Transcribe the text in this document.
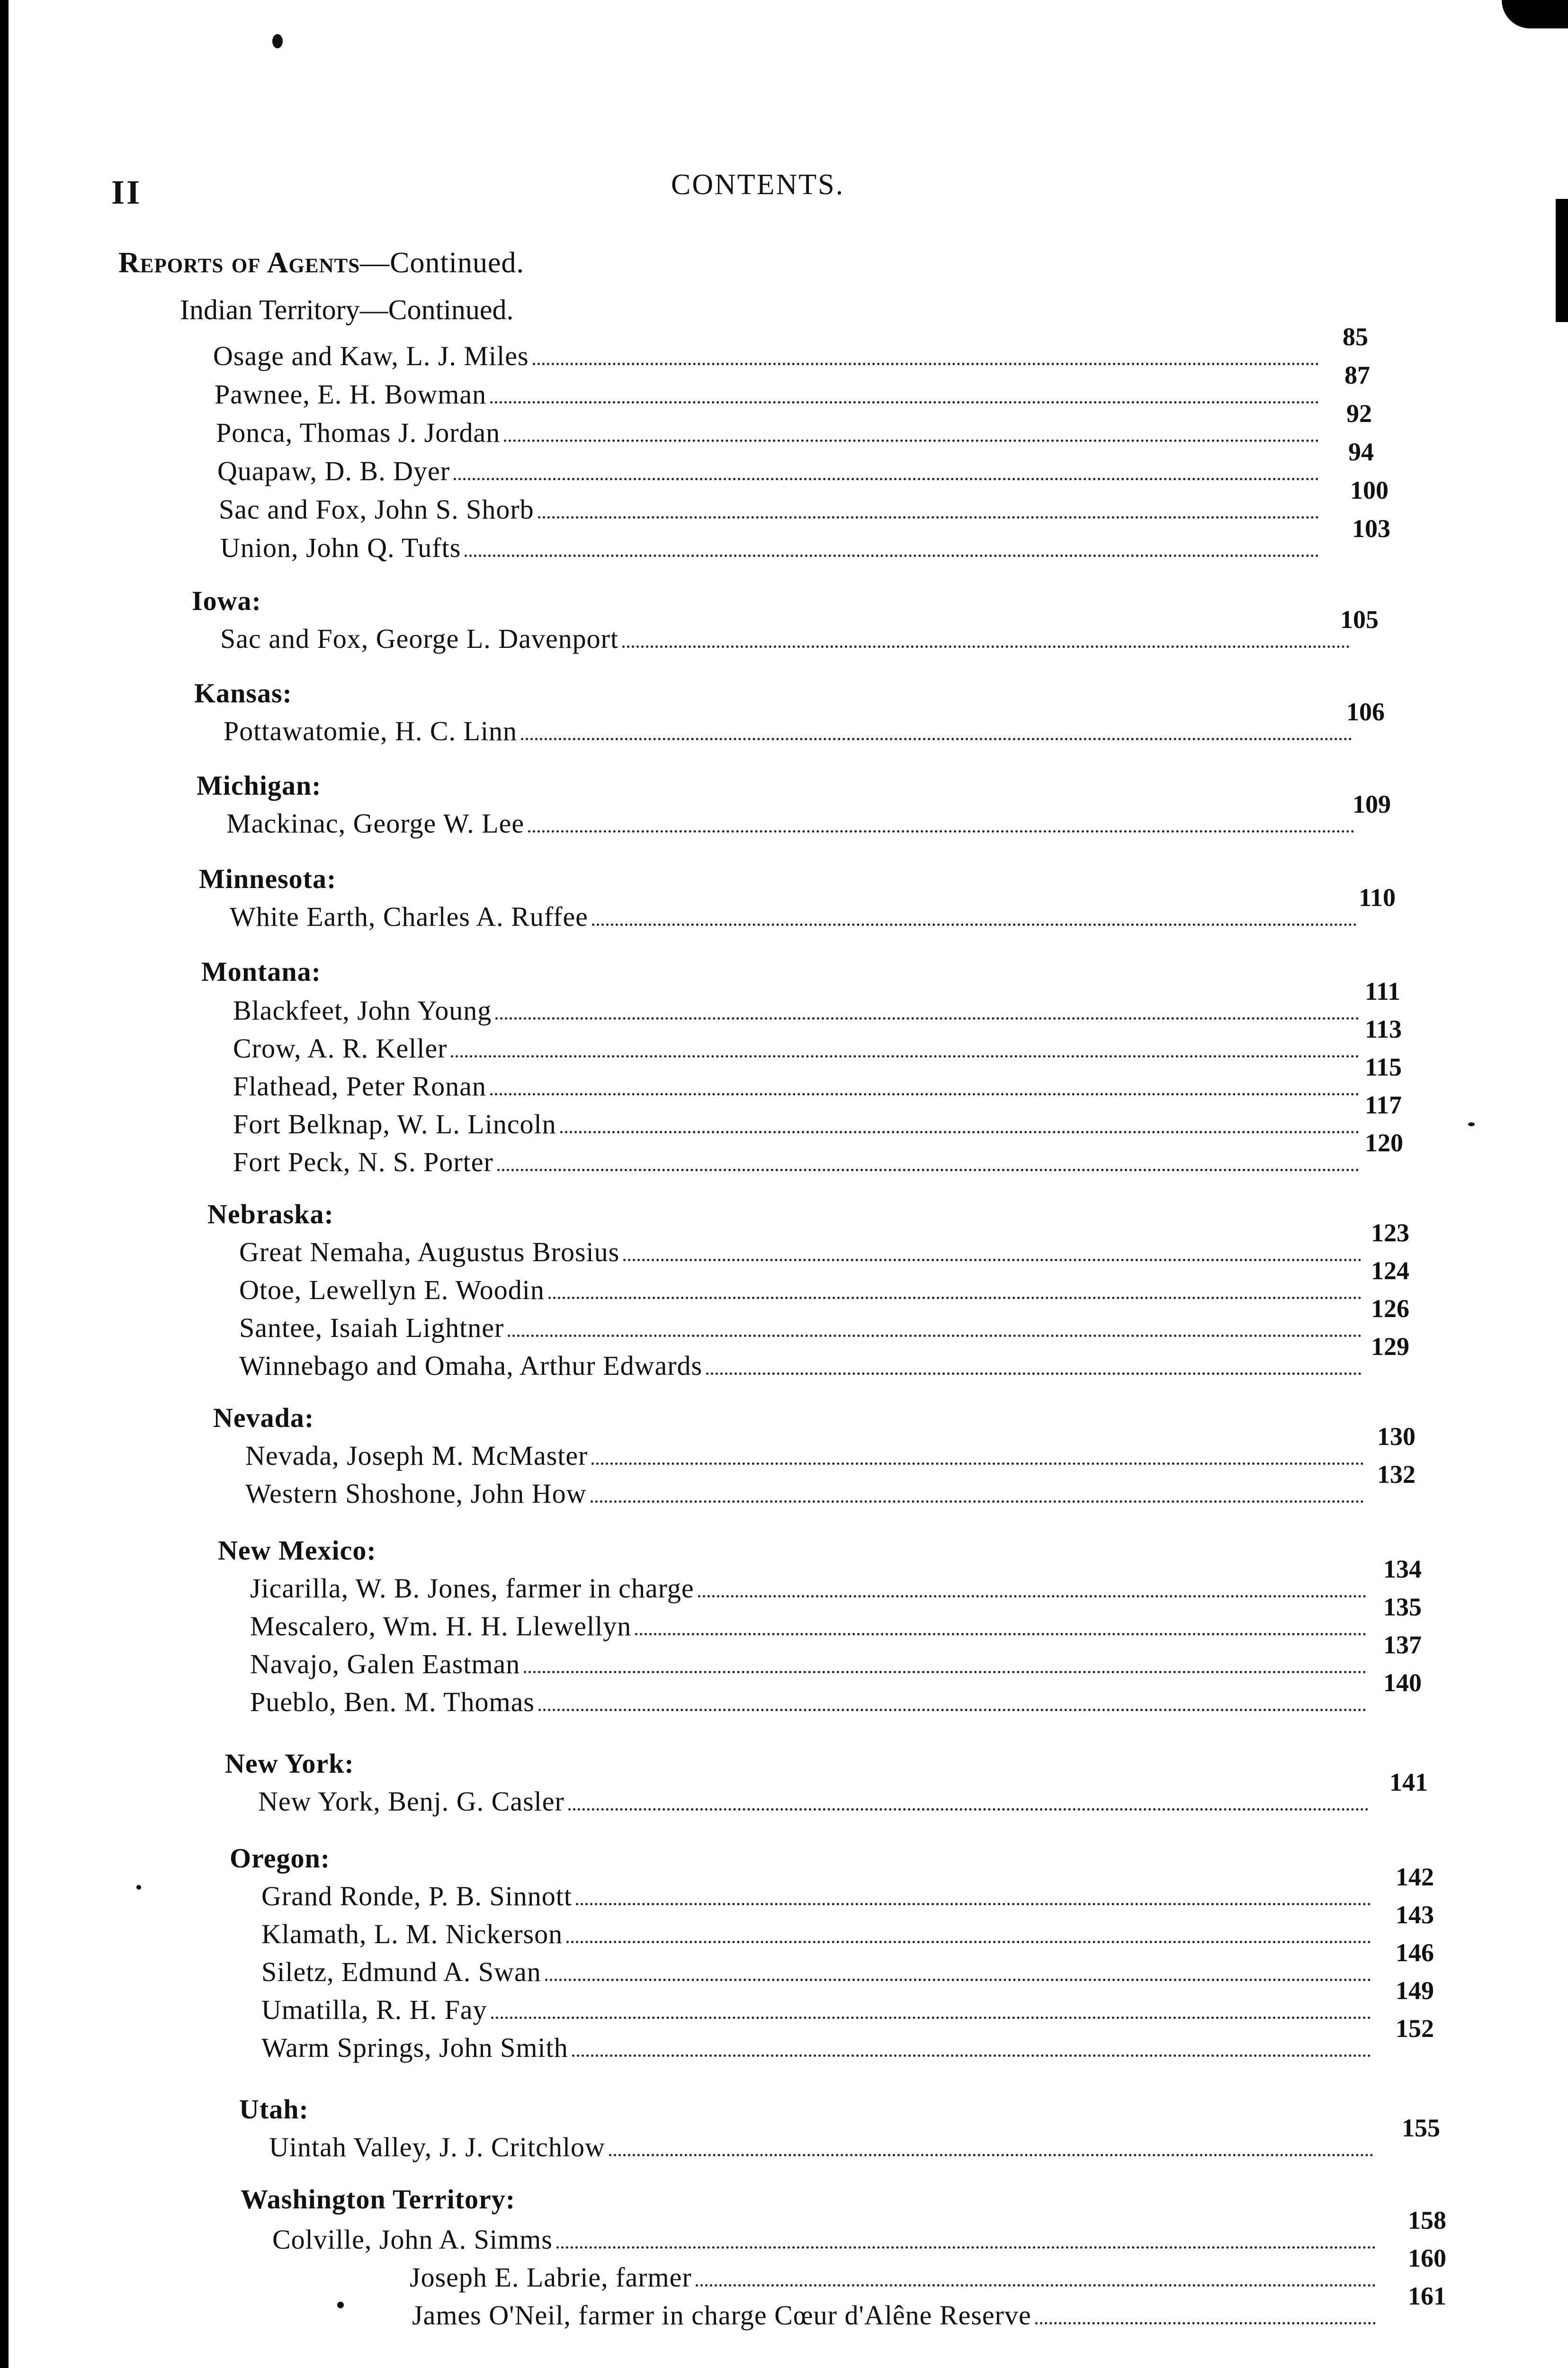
II	CONTENTS.
Reports of Agents—Continued.
Indian Territory—Continued.
Osage and Kaw, L. J. Miles
85
Pawnee, E. H. Bowman
87
Ponca, Thomas J. Jordan
92
Quapaw, D. B. Dyer
94
Sac and Fox, John S. Shorb
100
Union, John Q. Tufts
103
Iowa:
Sac and Fox, George L. Davenport
105
Kansas:
Pottawatomie, H. C. Linn
106
Michigan:
Mackinac, George W. Lee
109
Minnesota:
White Earth, Charles A. Ruffee
110
Montana:
Blackfeet, John Young
111
Crow, A. R. Keller
113
Flathead, Peter Ronan
115
Fort Belknap, W. L. Lincoln
117
Fort Peck, N. S. Porter
120
Nebraska:
Great Nemaha, Augustus Brosius
123
Otoe, Lewellyn E. Woodin
124
Santee, Isaiah Lightner
126
Winnebago and Omaha, Arthur Edwards
129
Nevada:
Nevada, Joseph M. McMaster
130
Western Shoshone, John How
132
New Mexico:
Jicarilla, W. B. Jones, farmer in charge
134
Mescalero, Wm. H. H. Llewellyn
135
Navajo, Galen Eastman
137
Pueblo, Ben. M. Thomas
140
New York:
New York, Benj. G. Casler
141
Oregon:
Grand Ronde, P. B. Sinnott
142
Klamath, L. M. Nickerson
143
Siletz, Edmund A. Swan
146
Umatilla, R. H. Fay
149
Warm Springs, John Smith
152
Utah:
Uintah Valley, J. J. Critchlow
155
Washington Territory:
Colville, John A. Simms
158
Joseph E. Labrie, farmer
160
James O'Neil, farmer in charge Cœur d'Alêne Reserve
161
